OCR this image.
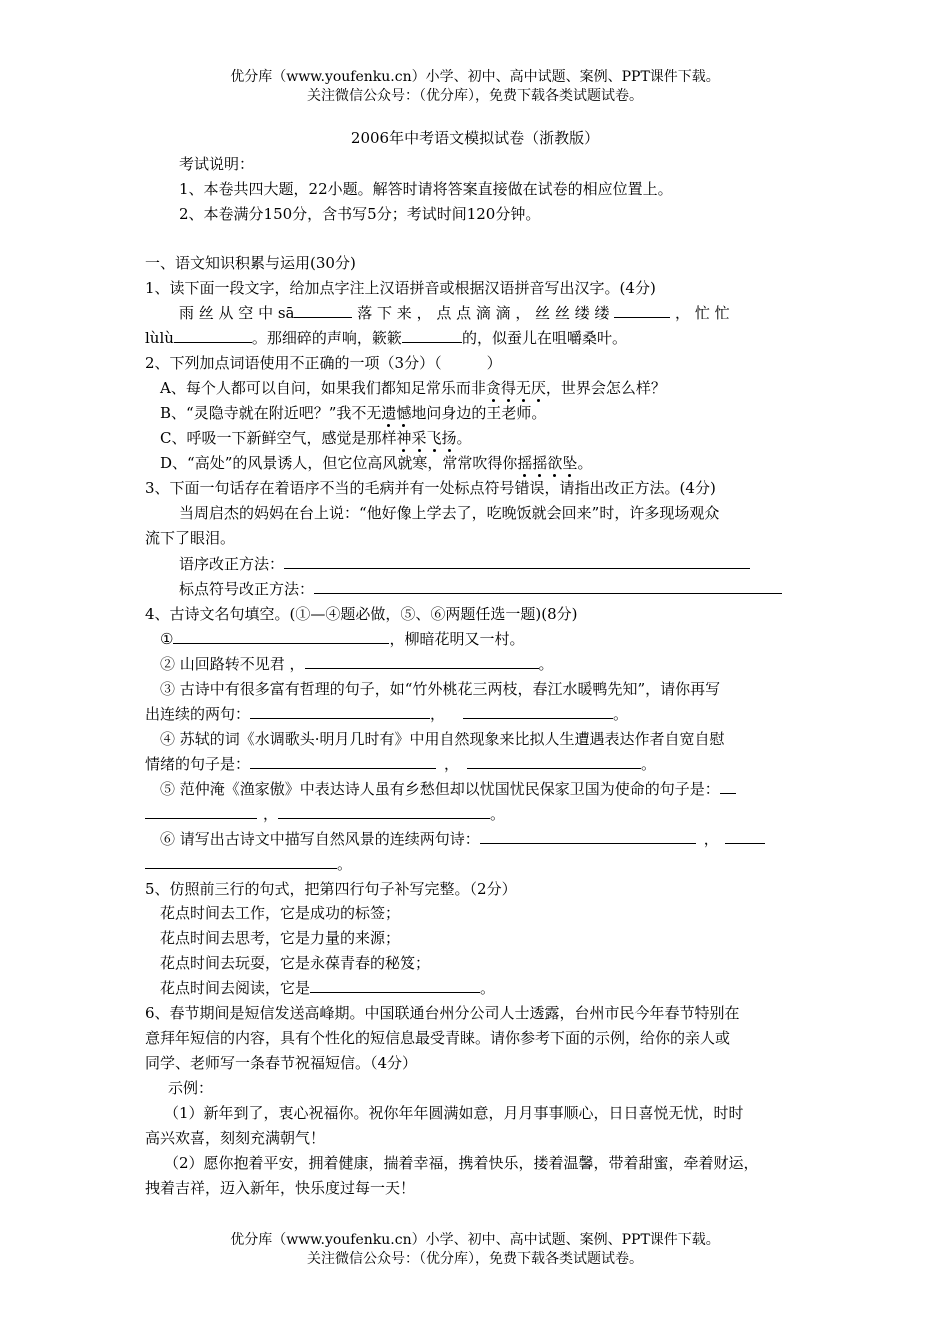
优分库（www.youfenku.cn）小学、初中、高中试题、案例、PPT课件下载。
关注微信公众号：（优分库），免费下载各类试题试卷。
2006年中考语文模拟试卷（浙教版）
考试说明：
1、本卷共四大题，22小题。解答时请将答案直接做在试卷的相应位置上。
2、本卷满分150分，含书写5分；考试时间120分钟。
一、语文知识积累与运用(30分)
1、读下面一段文字，给加点字注上汉语拼音或根据汉语拼音写出汉字。(4分)
雨 丝 从 空 中 sā	落 下 来 ， 点 点 滴 滴 ， 丝 丝 缕 缕	， 忙 忙
lùlù	。那细碎的声响，簌簌	的，似蚕儿在咀嚼桑叶。
2、下列加点词语使用不正确的一项（3分）（　　　）
A、每个人都可以自问，如果我们都知足常乐而非贪得无厌，世界会怎么样？
B、“灵隐寺就在附近吧？”我不无遗憾地问身边的王老师。
C、呼吸一下新鲜空气，感觉是那样神采飞扬。
D、“高处”的风景诱人，但它位高风就寒，常常吹得你摇摇欲坠。
3、下面一句话存在着语序不当的毛病并有一处标点符号错误，请指出改正方法。(4分)
当周启杰的妈妈在台上说：“他好像上学去了，吃晚饭就会回来”时，许多现场观众
流下了眼泪。
语序改正方法：
标点符号改正方法：
4、古诗文名句填空。(①—④题必做，⑤、⑥两题任选一题)(8分)
①	，柳暗花明又一村。
② 山回路转不见君 ，	。
③ 古诗中有很多富有哲理的句子，如“竹外桃花三两枝，春江水暖鸭先知”，请你再写
出连续的两句：	，	。
④ 苏轼的词《水调歌头·明月几时有》中用自然现象来比拟人生遭遇表达作者自宽自慰
情绪的句子是：	，	。
⑤ 范仲淹《渔家傲》中表达诗人虽有乡愁但却以忧国忧民保家卫国为使命的句子是：
，	。
⑥ 请写出古诗文中描写自然风景的连续两句诗：	，
。
5、仿照前三行的句式，把第四行句子补写完整。（2分）
花点时间去工作，它是成功的标签；
花点时间去思考，它是力量的来源；
花点时间去玩耍，它是永葆青春的秘笈；
花点时间去阅读，它是	。
6、春节期间是短信发送高峰期。中国联通台州分公司人士透露，台州市民今年春节特别在
意拜年短信的内容，具有个性化的短信息最受青睐。请你参考下面的示例，给你的亲人或
同学、老师写一条春节祝福短信。（4分）
示例：
（1）新年到了，衷心祝福你。祝你年年圆满如意，月月事事顺心，日日喜悦无忧，时时
高兴欢喜，刻刻充满朝气！
（2）愿你抱着平安，拥着健康，揣着幸福，携着快乐，搂着温馨，带着甜蜜，牵着财运，
拽着吉祥，迈入新年，快乐度过每一天！
优分库（www.youfenku.cn）小学、初中、高中试题、案例、PPT课件下载。
关注微信公众号：（优分库），免费下载各类试题试卷。
